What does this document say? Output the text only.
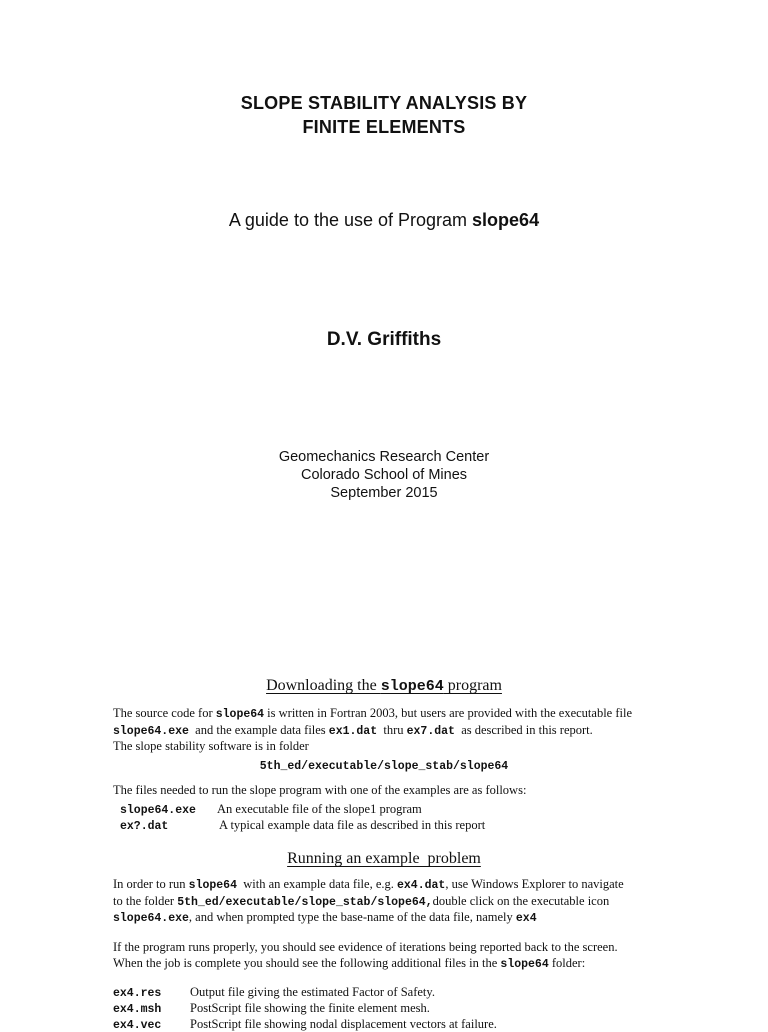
SLOPE STABILITY ANALYSIS BY
FINITE ELEMENTS
A guide to the use of Program slope64
D.V. Griffiths
Geomechanics Research Center
Colorado School of Mines
September 2015
Downloading the slope64 program
The source code for slope64 is written in Fortran 2003, but users are provided with the executable file
slope64.exe  and the example data files ex1.dat  thru ex7.dat  as described in this report.
The slope stability software is in folder
5th_ed/executable/slope_stab/slope64
The files needed to run the slope program with one of the examples are as follows:
slope64.exe An executable file of the slope1 program
ex?.dat	A typical example data file as described in this report
Running an example  problem
In order to run slope64  with an example data file, e.g. ex4.dat, use Windows Explorer to navigate
to the folder 5th_ed/executable/slope_stab/slope64,double click on the executable icon
slope64.exe, and when prompted type the base-name of the data file, namely ex4
If the program runs properly, you should see evidence of iterations being reported back to the screen.
When the job is complete you should see the following additional files in the slope64 folder:
ex4.res Output file giving the estimated Factor of Safety.
ex4.msh PostScript file showing the finite element mesh.
ex4.vec PostScript file showing nodal displacement vectors at failure.
